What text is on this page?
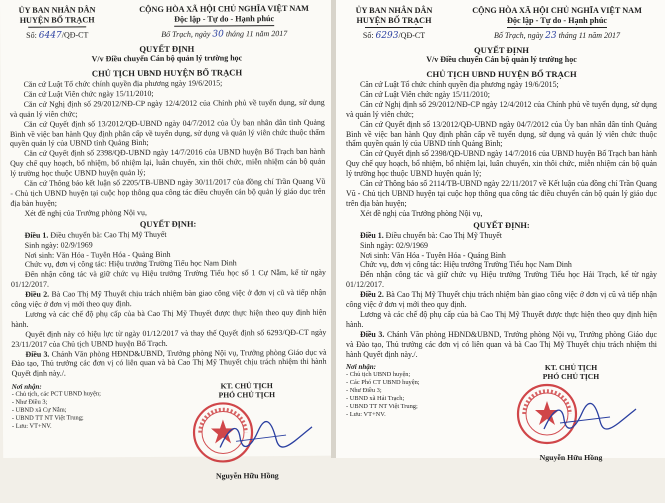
ỦY BAN NHÂN DÂN
HUYỆN BỐ TRẠCH
CỘNG HÒA XÃ HỘI CHỦ NGHĨA VIỆT NAM
Độc lập - Tự do - Hạnh phúc
Số: 6447/QĐ-CT	Bố Trạch, ngày 30 tháng 11 năm 2017
QUYẾT ĐỊNH
V/v Điều chuyển Cán bộ quản lý trường học
CHỦ TỊCH UBND HUYỆN BỐ TRẠCH

Căn cứ Luật Tổ chức chính quyền địa phương ngày 19/6/2015;

Căn cứ Luật Viên chức ngày 15/11/2010;

Căn cứ Nghị định số 29/2012/NĐ-CP ngày 12/4/2012 của Chính phủ về tuyển dụng, sử dụng và quản lý viên chức;

Căn cứ Quyết định số 13/2012/QĐ-UBND ngày 04/7/2012 của Ủy ban nhân dân tỉnh Quảng Bình về việc ban hành Quy định phân cấp về tuyển dụng, sử dụng và quản lý viên chức thuộc thẩm quyền quản lý của UBND tỉnh Quảng Bình;

Căn cứ Quyết định số 2398/QĐ-UBND ngày 14/7/2016 của UBND huyện Bố Trạch ban hành Quy chế quy hoạch, bổ nhiệm, bổ nhiệm lại, luân chuyển, xin thôi chức, miễn nhiệm cán bộ quản lý trường học thuộc UBND huyện quản lý;

Căn cứ Thông báo kết luận số 2205/TB-UBND ngày 30/11/2017 của đồng chí Trần Quang Vũ - Chủ tịch UBND huyện tại cuộc họp thông qua công tác điều chuyển cán bộ quản lý giáo dục trên địa bàn huyện;

Xét đề nghị của Trưởng phòng Nội vụ,

QUYẾT ĐỊNH:

Điều 1. Điều chuyển bà: Cao Thị Mỹ Thuyết

Sinh ngày: 02/9/1969

Nơi sinh: Văn Hóa - Tuyên Hóa - Quảng Bình

Chức vụ, đơn vị công tác: Hiệu trưởng Trường Tiểu học Nam Dinh

Đến nhận công tác và giữ chức vụ Hiệu trưởng Trường Tiểu học số 1 Cự Nẫm, kể từ ngày 01/12/2017.

Điều 2. Bà Cao Thị Mỹ Thuyết chịu trách nhiệm bàn giao công việc ở đơn vị cũ và tiếp nhận công việc ở đơn vị mới theo quy định.

Lương và các chế độ phụ cấp của bà Cao Thị Mỹ Thuyết được thực hiện theo quy định hiện hành.

Quyết định này có hiệu lực từ ngày 01/12/2017 và thay thế Quyết định số 6293/QĐ-CT ngày 23/11/2017 của Chủ tịch UBND huyện Bố Trạch.

Điều 3. Chánh Văn phòng HĐND&UBND, Trưởng phòng Nội vụ, Trưởng phòng Giáo dục và Đào tạo, Thủ trưởng các đơn vị có liên quan và bà Cao Thị Mỹ Thuyết chịu trách nhiệm thi hành Quyết định này./.

Nơi nhận:
- Chủ tịch, các PCT UBND huyện;
- Như Điều 3;
- UBND xã Cự Nẫm;
- UBND TT NT Việt Trung;
- Lưu: VT+NV.
KT. CHỦ TỊCH
PHÓ CHỦ TỊCH
Nguyễn Hữu Hồng
ỦY BAN NHÂN DÂN
HUYỆN BỐ TRẠCH
CỘNG HÒA XÃ HỘI CHỦ NGHĨA VIỆT NAM
Độc lập - Tự do - Hạnh phúc
Số: 6293/QĐ-CT	Bố Trạch, ngày 23 tháng 11 năm 2017
QUYẾT ĐỊNH
V/v Điều chuyển Cán bộ quản lý trường học
CHỦ TỊCH UBND HUYỆN BỐ TRẠCH

Căn cứ Luật Tổ chức chính quyền địa phương ngày 19/6/2015;

Căn cứ Luật Viên chức ngày 15/11/2010;

Căn cứ Nghị định số 29/2012/NĐ-CP ngày 12/4/2012 của Chính phủ về tuyển dụng, sử dụng và quản lý viên chức;

Căn cứ Quyết định số 13/2012/QĐ-UBND ngày 04/7/2012 của Ủy ban nhân dân tỉnh Quảng Bình về việc ban hành Quy định phân cấp về tuyển dụng, sử dụng và quản lý viên chức thuộc thẩm quyền quản lý của UBND tỉnh Quảng Bình;

Căn cứ Quyết định số 2398/QĐ-UBND ngày 14/7/2016 của UBND huyện Bố Trạch ban hành Quy chế quy hoạch, bổ nhiệm, bổ nhiệm lại, luân chuyển, xin thôi chức, miễn nhiệm cán bộ quản lý trường học thuộc UBND huyện quản lý;

Căn cứ Thông báo số 2114/TB-UBND ngày 22/11/2017 về Kết luận của đồng chí Trần Quang Vũ - Chủ tịch UBND huyện tại cuộc họp thông qua công tác điều chuyển cán bộ quản lý giáo dục trên địa bàn huyện;

Xét đề nghị của Trưởng phòng Nội vụ,

QUYẾT ĐỊNH:

Điều 1. Điều chuyển bà: Cao Thị Mỹ Thuyết

Sinh ngày: 02/9/1969

Nơi sinh: Văn Hóa - Tuyên Hóa - Quảng Bình

Chức vụ, đơn vị công tác: Hiệu trưởng Trường Tiểu học Nam Dinh

Đến nhận công tác và giữ chức vụ Hiệu trưởng Trường Tiểu học Hải Trạch, kể từ ngày 01/12/2017.

Điều 2. Bà Cao Thị Mỹ Thuyết chịu trách nhiệm bàn giao công việc ở đơn vị cũ và tiếp nhận công việc ở đơn vị mới theo quy định.

Lương và các chế độ phụ cấp của bà Cao Thị Mỹ Thuyết được thực hiện theo quy định hiện hành.

Điều 3. Chánh Văn phòng HĐND&UBND, Trưởng phòng Nội vụ, Trưởng phòng Giáo dục và Đào tạo, Thủ trưởng các đơn vị có liên quan và bà Cao Thị Mỹ Thuyết chịu trách nhiệm thi hành Quyết định này./.

Nơi nhận:
- Chủ tịch UBND huyện;
- Các Phó CT UBND huyện;
- Như Điều 3;
- UBND xã Hải Trạch;
- UBND TT NT Việt Trung;
- Lưu: VT+NV.
KT. CHỦ TỊCH
PHÓ CHỦ TỊCH
Nguyễn Hữu Hồng
